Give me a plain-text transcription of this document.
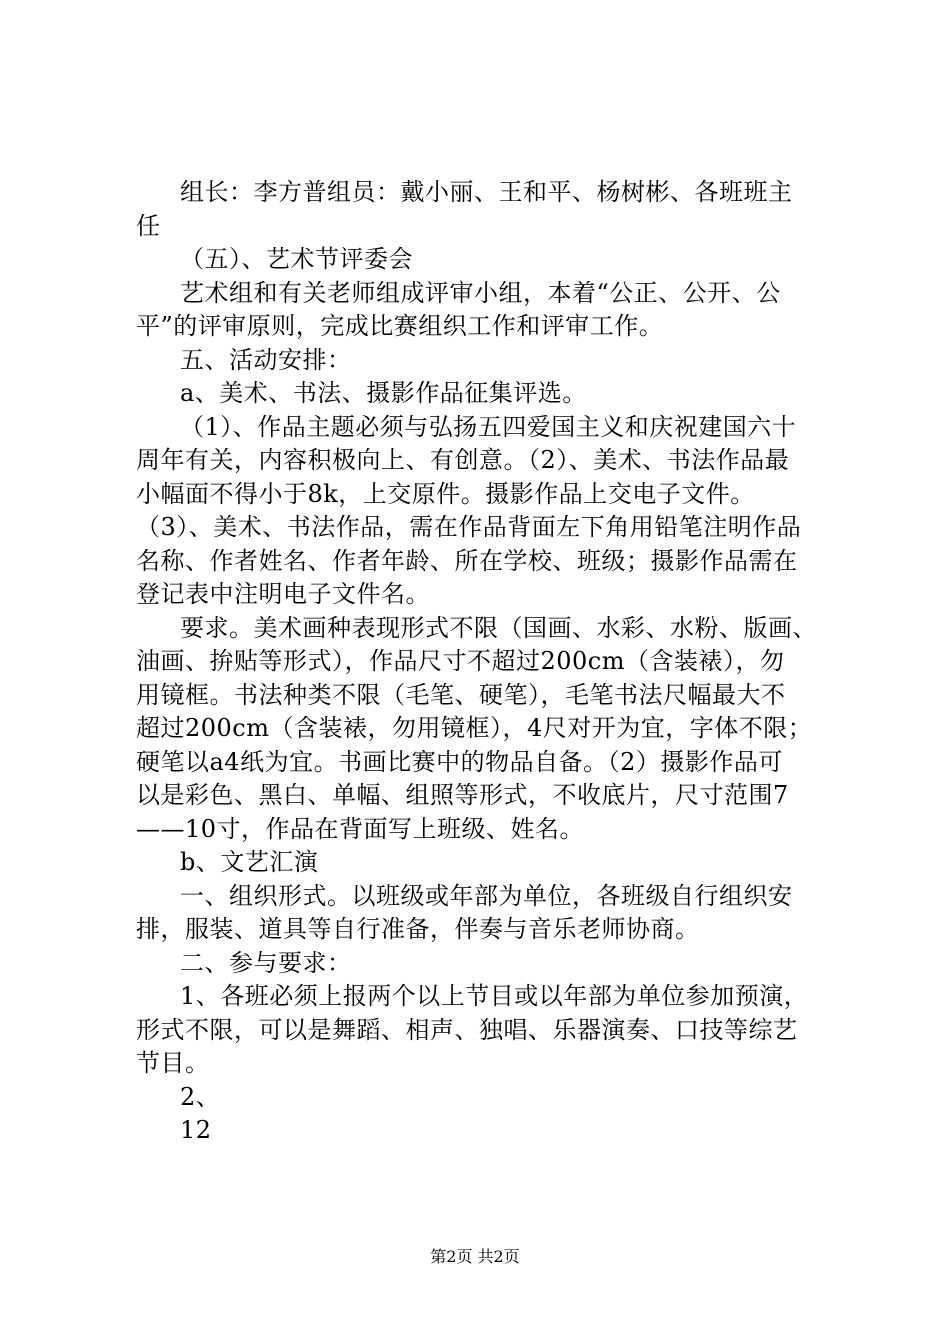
组长：李方普组员：戴小丽、王和平、杨树彬、各班班主
任
（五）、艺术节评委会
艺术组和有关老师组成评审小组，本着“公正、公开、公
平”的评审原则，完成比赛组织工作和评审工作。
五、活动安排：
a、美术、书法、摄影作品征集评选。
（1）、作品主题必须与弘扬五四爱国主义和庆祝建国六十
周年有关，内容积极向上、有创意。（2）、美术、书法作品最
小幅面不得小于8k，上交原件。摄影作品上交电子文件。
（3）、美术、书法作品，需在作品背面左下角用铅笔注明作品
名称、作者姓名、作者年龄、所在学校、班级；摄影作品需在
登记表中注明电子文件名。
要求。美术画种表现形式不限（国画、水彩、水粉、版画、
油画、拚贴等形式），作品尺寸不超过200cm（含装裱），勿
用镜框。书法种类不限（毛笔、硬笔），毛笔书法尺幅最大不
超过200cm（含装裱，勿用镜框），4尺对开为宜，字体不限；
硬笔以a4纸为宜。书画比赛中的物品自备。（2）摄影作品可
以是彩色、黑白、单幅、组照等形式，不收底片，尺寸范围7
——10寸，作品在背面写上班级、姓名。
b、文艺汇演
一、组织形式。以班级或年部为单位，各班级自行组织安
排，服装、道具等自行准备，伴奏与音乐老师协商。
二、参与要求：
1、各班必须上报两个以上节目或以年部为单位参加预演，
形式不限，可以是舞蹈、相声、独唱、乐器演奏、口技等综艺
节目。
2、
12
第2页 共2页
